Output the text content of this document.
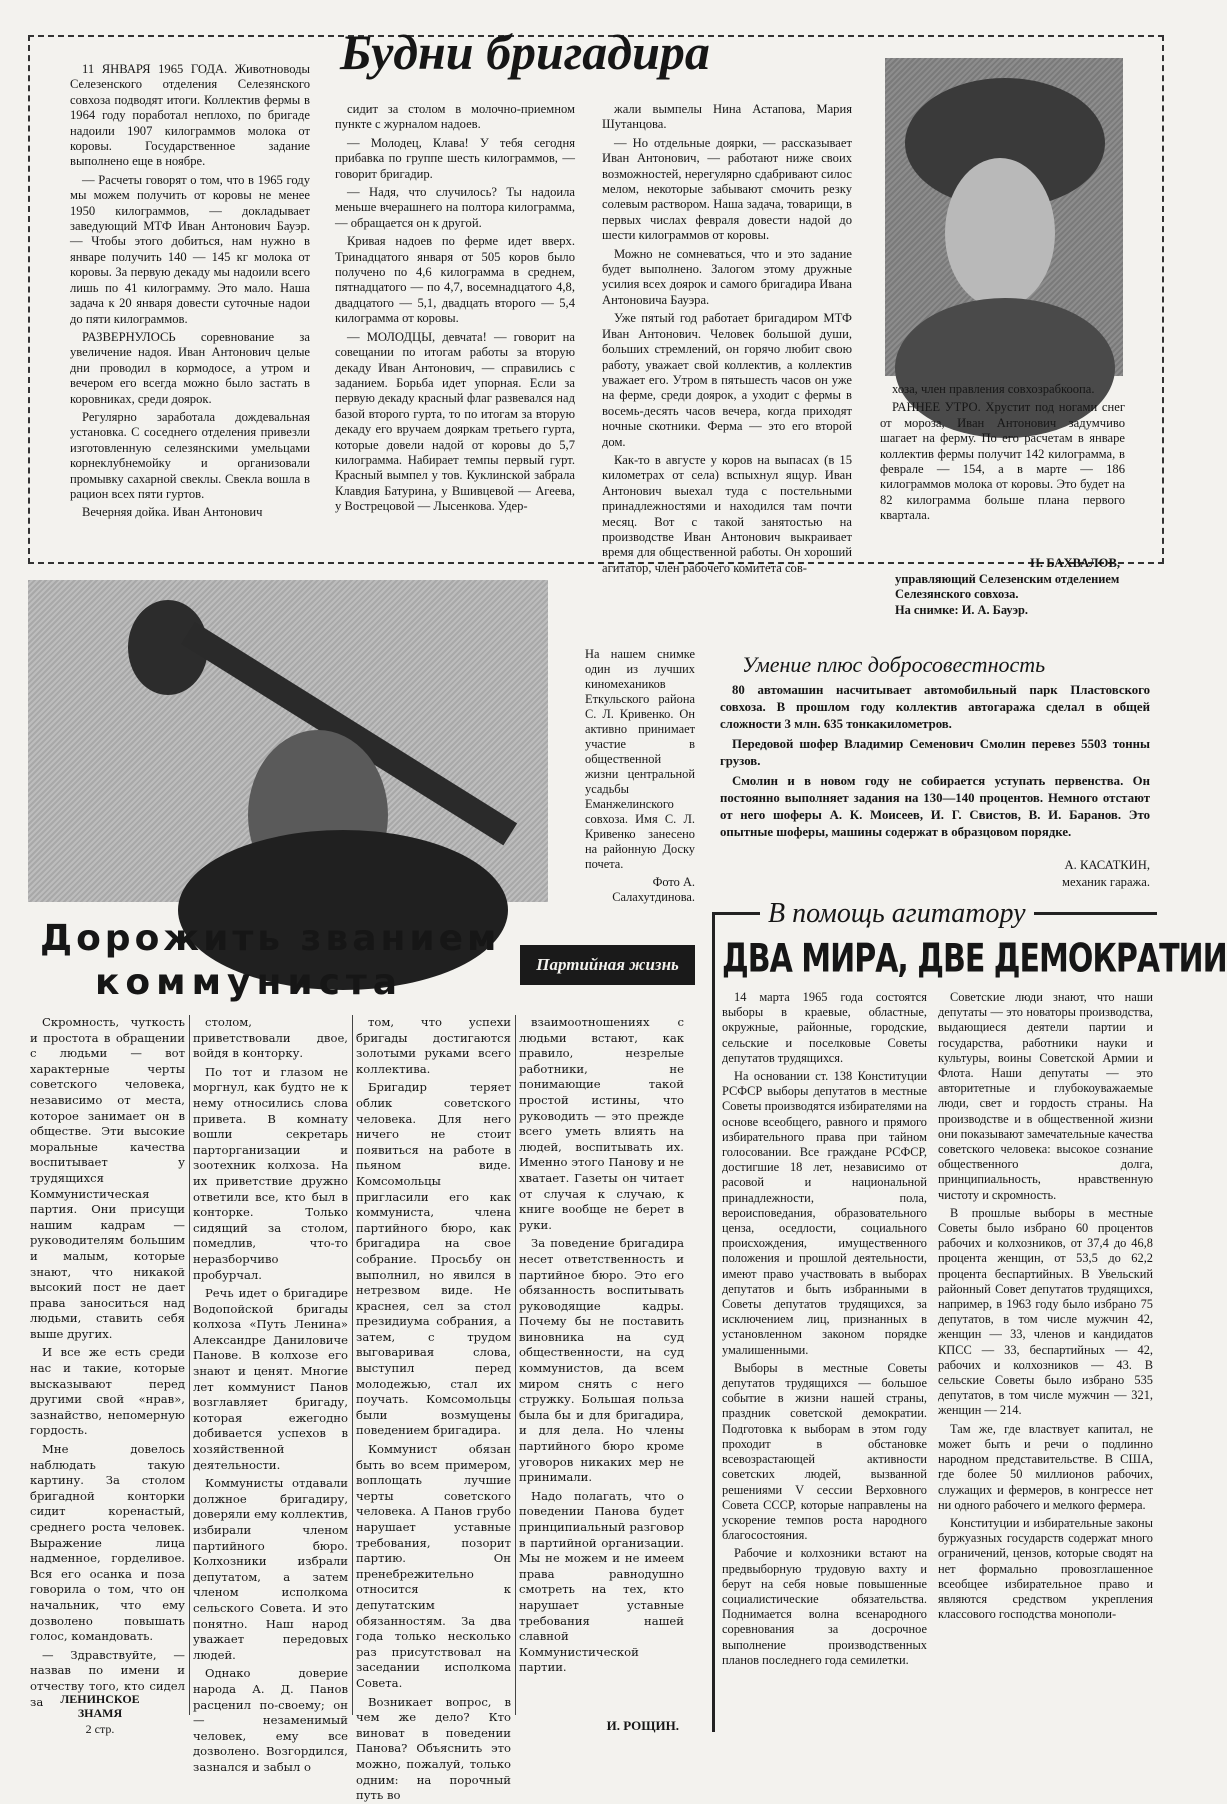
Будни бригадира

11 ЯНВАРЯ 1965 ГОДА. Животноводы Селезенского отделения Селезянского совхоза подводят итоги. Коллектив фермы в 1964 году поработал неплохо, по бригаде надоили 1907 килограммов молока от коровы. Государственное задание выполнено еще в ноябре.

— Расчеты говорят о том, что в 1965 году мы можем получить от коровы не менее 1950 килограммов, — докладывает заведующий МТФ Иван Антонович Бауэр. — Чтобы этого добиться, нам нужно в январе получить 140 — 145 кг молока от коровы. За первую декаду мы надоили всего лишь по 41 килограмму. Это мало. Наша задача к 20 января довести суточные надои до пяти килограммов.

РАЗВЕРНУЛОСЬ соревнование за увеличение надоя. Иван Антонович целые дни проводил в кормодосе, а утром и вечером его всегда можно было застать в коровниках, среди доярок.

Регулярно заработала дождевальная установка. С соседнего отделения привезли изготовленную селезянскими умельцами корнеклубнемойку и организовали промывку сахарной свеклы. Свекла вошла в рацион всех пяти гуртов.

Вечерняя дойка. Иван Антонович

сидит за столом в молочно-приемном пункте с журналом надоев.

— Молодец, Клава! У тебя сегодня прибавка по группе шесть килограммов, — говорит бригадир.

— Надя, что случилось? Ты надоила меньше вчерашнего на полтора килограмма, — обращается он к другой.

Кривая надоев по ферме идет вверх. Тринадцатого января от 505 коров было получено по 4,6 килограмма в среднем, пятнадцатого — по 4,7, восемнадцатого 4,8, двадцатого — 5,1, двадцать второго — 5,4 килограмма от коровы.

— МОЛОДЦЫ, девчата! — говорит на совещании по итогам работы за вторую декаду Иван Антонович, — справились с заданием. Борьба идет упорная. Если за первую декаду красный флаг развевался над базой второго гурта, то по итогам за вторую декаду его вручаем дояркам третьего гурта, которые довели надой от коровы до 5,7 килограмма. Набирает темпы первый гурт. Красный вымпел у тов. Куклинской забрала Клавдия Батурина, у Вшивцевой — Агеева, у Вострецовой — Лысенкова. Удер-

жали вымпелы Нина Астапова, Мария Шутанцова.

— Но отдельные доярки, — рассказывает Иван Антонович, — работают ниже своих возможностей, нерегулярно сдабривают силос мелом, некоторые забывают смочить резку солевым раствором. Наша задача, товарищи, в первых числах февраля довести надой до шести килограммов от коровы.

Можно не сомневаться, что и это задание будет выполнено. Залогом этому дружные усилия всех доярок и самого бригадира Ивана Антоновича Бауэра.

Уже пятый год работает бригадиром МТФ Иван Антонович. Человек большой души, больших стремлений, он горячо любит свою работу, уважает свой коллектив, а коллектив уважает его. Утром в пятьшесть часов он уже на ферме, среди доярок, а уходит с фермы в восемь-десять часов вечера, когда приходят ночные скотники. Ферма — это его второй дом.

Как-то в августе у коров на выпасах (в 15 километрах от села) вспыхнул ящур. Иван Антонович выехал туда с постельными принадлежностями и находился там почти месяц. Вот с такой занятостью на производстве Иван Антонович выкраивает время для общественной работы. Он хороший агитатор, член рабочего комитета сов-

хоза, член правления совхозрабкоопа.

РАННЕЕ УТРО. Хрустит под ногами снег от мороза, Иван Антонович задумчиво шагает на ферму. По его расчетам в январе коллектив фермы получит 142 килограмма, в феврале — 154, а в марте — 186 килограммов молока от коровы. Это будет на 82 килограмма больше плана первого квартала.

Н. БАХВАЛОВ,
управляющий Селезенским отделением Селезянского совхоза.
На снимке: И. А. Бауэр.
На нашем снимке один из лучших киномехаников Еткульского района С. Л. Кривенко. Он активно принимает участие в общественной жизни центральной усадьбы Еманжелинского совхоза. Имя С. Л. Кривенко занесено на районную Доску почета.
Фото А. Салахутдинова.
Умение плюс добросовестность

80 автомашин насчитывает автомобильный парк Пластовского совхоза. В прошлом году коллектив автогаража сделал в общей сложности 3 млн. 635 тонкакилометров.

Передовой шофер Владимир Семенович Смолин перевез 5503 тонны грузов.

Смолин и в новом году не собирается уступать первенства. Он постоянно выполняет задания на 130—140 процентов. Немного отстают от него шоферы А. К. Моисеев, И. Г. Свистов, В. И. Баранов. Это опытные шоферы, машины содержат в образцовом порядке.

А. КАСАТКИН,
механик гаража.
Дорожить званием
коммуниста	Партийная жизнь

Скромность, чуткость и простота в обращении с людьми — вот характерные черты советского человека, независимо от места, которое занимает он в обществе. Эти высокие моральные качества воспитывает у трудящихся Коммунистическая партия. Они присущи нашим кадрам — руководителям большим и малым, которые знают, что никакой высокий пост не дает права заноситься над людьми, ставить себя выше других.

И все же есть среди нас и такие, которые высказывают перед другими свой «нрав», зазнайство, непомерную гордость.

Мне довелось наблюдать такую картину. За столом бригадной конторки сидит коренастый, среднего роста человек. Выражение лица надменное, горделивое. Вся его осанка и поза говорила о том, что он начальник, что ему дозволено повышать голос, командовать.

— Здравствуйте, — назвав по имени и отчеству того, кто сидел за

столом, приветствовали двое, войдя в конторку.

По тот и глазом не моргнул, как будто не к нему относились слова привета. В комнату вошли секретарь парторганизации и зоотехник колхоза. На их приветствие дружно ответили все, кто был в конторке. Только сидящий за столом, помедлив, что-то неразборчиво пробурчал.

Речь идет о бригадире Водопойской бригады колхоза «Путь Ленина» Александре Даниловиче Панове. В колхозе его знают и ценят. Многие лет коммунист Панов возглавляет бригаду, которая ежегодно добивается успехов в хозяйственной деятельности.

Коммунисты отдавали должное бригадиру, доверяли ему коллектив, избирали членом партийного бюро. Колхозники избрали депутатом, а затем членом исполкома сельского Совета. И это понятно. Наш народ уважает передовых людей.

Однако доверие народа А. Д. Панов расценил по-своему; он — незаменимый человек, ему все дозволено. Возгордился, зазнался и забыл о

том, что успехи бригады достигаются золотыми руками всего коллектива.

Бригадир теряет облик советского человека. Для него ничего не стоит появиться на работе в пьяном виде. Комсомольцы пригласили его как коммуниста, члена партийного бюро, как бригадира на свое собрание. Просьбу он выполнил, но явился в нетрезвом виде. Не краснея, сел за стол президиума собрания, а затем, с трудом выговаривая слова, выступил перед молодежью, стал их поучать. Комсомольцы были возмущены поведением бригадира.

Коммунист обязан быть во всем примером, воплощать лучшие черты советского человека. А Панов грубо нарушает уставные требования, позорит партию. Он пренебрежительно относится к депутатским обязанностям. За два года только несколько раз присутствовал на заседании исполкома Совета.

Возникает вопрос, в чем же дело? Кто виноват в поведении Панова? Объяснить это можно, пожалуй, только одним: на порочный путь во

взаимоотношениях с людьми встают, как правило, незрелые работники, не понимающие такой простой истины, что руководить — это прежде всего уметь влиять на людей, воспитывать их. Именно этого Панову и не хватает. Газеты он читает от случая к случаю, к книге вообще не берет в руки.

За поведение бригадира несет ответственность и партийное бюро. Это его обязанность воспитывать руководящие кадры. Почему бы не поставить виновника на суд общественности, на суд коммунистов, да всем миром снять с него стружку. Большая польза была бы и для бригадира, и для дела. Но члены партийного бюро кроме уговоров никаких мер не принимали.

Надо полагать, что о поведении Панова будет принципиальный разговор в партийной организации. Мы не можем и не имеем права равнодушно смотреть на тех, кто нарушает уставные требования нашей славной Коммунистической партии.

И. РОЩИН.
ЛЕНИНСКОЕ ЗНАМЯ
2 стр.
В помощь агитатору
ДВА МИРА, ДВЕ ДЕМОКРАТИИ

14 марта 1965 года состоятся выборы в краевые, областные, окружные, районные, городские, сельские и поселковые Советы депутатов трудящихся.

На основании ст. 138 Конституции РСФСР выборы депутатов в местные Советы производятся избирателями на основе всеобщего, равного и прямого избирательного права при тайном голосовании. Все граждане РСФСР, достигшие 18 лет, независимо от расовой и национальной принадлежности, пола, вероисповедания, образовательного ценза, оседлости, социального происхождения, имущественного положения и прошлой деятельности, имеют право участвовать в выборах депутатов и быть избранными в Советы депутатов трудящихся, за исключением лиц, признанных в установленном законом порядке умалишенными.

Выборы в местные Советы депутатов трудящихся — большое событие в жизни нашей страны, праздник советской демократии. Подготовка к выборам в этом году проходит в обстановке всевозрастающей активности советских людей, вызванной решениями V сессии Верховного Совета СССР, которые направлены на ускорение темпов роста народного благосостояния.

Рабочие и колхозники встают на предвыборную трудовую вахту и берут на себя новые повышенные социалистические обязательства. Поднимается волна всенародного соревнования за досрочное выполнение производственных планов последнего года семилетки.

Советские люди знают, что наши депутаты — это новаторы производства, выдающиеся деятели партии и государства, работники науки и культуры, воины Советской Армии и Флота. Наши депутаты — это авторитетные и глубокоуважаемые люди, свет и гордость страны. На производстве и в общественной жизни они показывают замечательные качества советского человека: высокое сознание общественного долга, принципиальность, нравственную чистоту и скромность.

В прошлые выборы в местные Советы было избрано 60 процентов рабочих и колхозников, от 37,4 до 46,8 процента женщин, от 53,5 до 62,2 процента беспартийных. В Увельский районный Совет депутатов трудящихся, например, в 1963 году было избрано 75 депутатов, в том числе мужчин 42, женщин — 33, членов и кандидатов КПСС — 33, беспартийных — 42, рабочих и колхозников — 43. В сельские Советы было избрано 535 депутатов, в том числе мужчин — 321, женщин — 214.

Там же, где властвует капитал, не может быть и речи о подлинно народном представительстве. В США, где более 50 миллионов рабочих, служащих и фермеров, в конгрессе нет ни одного рабочего и мелкого фермера.

Конституции и избирательные законы буржуазных государств содержат много ограничений, цензов, которые сводят на нет формально провозглашенное всеобщее избирательное право и являются средством укрепления классового господства монополи-
